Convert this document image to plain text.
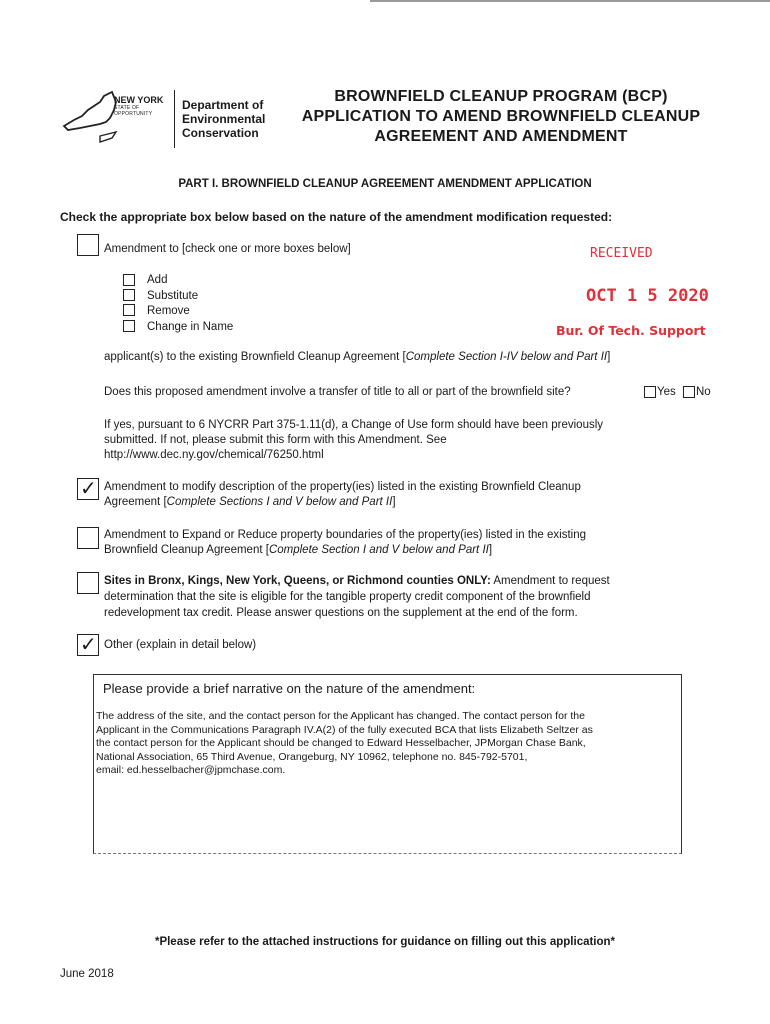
NEW YORK
STATE OF
OPPORTUNITY
Department of
Environmental
Conservation
BROWNFIELD CLEANUP PROGRAM (BCP)
APPLICATION TO AMEND BROWNFIELD CLEANUP
AGREEMENT AND AMENDMENT
PART I. BROWNFIELD CLEANUP AGREEMENT AMENDMENT APPLICATION
Check the appropriate box below based on the nature of the amendment modification requested:
Amendment to [check one or more boxes below]
Add
Substitute
Remove
Change in Name
RECEIVED
OCT 1 5 2020
Bur. Of Tech. Support
applicant(s) to the existing Brownfield Cleanup Agreement [Complete Section I-IV below and Part II]
Does this proposed amendment involve a transfer of title to all or part of the brownfield site?	Yes No
If yes, pursuant to 6 NYCRR Part 375-1.11(d), a Change of Use form should have been previously
submitted. If not, please submit this form with this Amendment. See
http://www.dec.ny.gov/chemical/76250.html
✓ Amendment to modify description of the property(ies) listed in the existing Brownfield Cleanup
Agreement [Complete Sections I and V below and Part II]
Amendment to Expand or Reduce property boundaries of the property(ies) listed in the existing
Brownfield Cleanup Agreement [Complete Section I and V below and Part II]
Sites in Bronx, Kings, New York, Queens, or Richmond counties ONLY: Amendment to request
determination that the site is eligible for the tangible property credit component of the brownfield
redevelopment tax credit. Please answer questions on the supplement at the end of the form.
✓ Other (explain in detail below)
Please provide a brief narrative on the nature of the amendment:
The address of the site, and the contact person for the Applicant has changed. The contact person for the
Applicant in the Communications Paragraph IV.A(2) of the fully executed BCA that lists Elizabeth Seltzer as
the contact person for the Applicant should be changed to Edward Hesselbacher, JPMorgan Chase Bank,
National Association, 65 Third Avenue, Orangeburg, NY 10962, telephone no. 845-792-5701,
email: ed.hesselbacher@jpmchase.com.
*Please refer to the attached instructions for guidance on filling out this application*
June 2018
